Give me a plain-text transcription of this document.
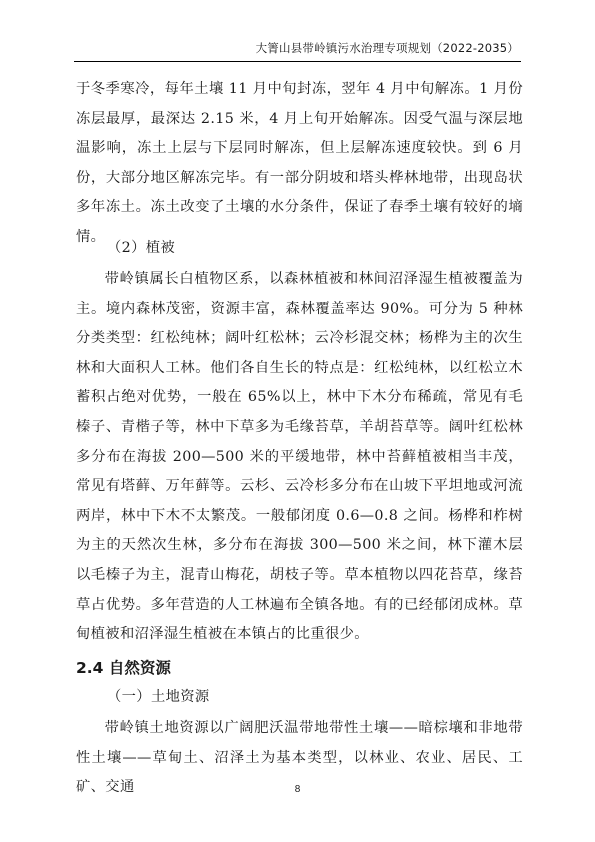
大箐山县带岭镇污水治理专项规划（2022-2035）

于冬季寒冷，每年土壤 11 月中旬封冻，翌年 4 月中旬解冻。1 月份冻层最厚，最深达 2.15 米，4 月上旬开始解冻。因受气温与深层地温影响，冻土上层与下层同时解冻，但上层解冻速度较快。到 6 月份，大部分地区解冻完毕。有一部分阴坡和塔头桦林地带，出现岛状多年冻土。冻土改变了土壤的水分条件，保证了春季土壤有较好的墒情。

（2）植被

带岭镇属长白植物区系，以森林植被和林间沼泽湿生植被覆盖为主。境内森林茂密，资源丰富，森林覆盖率达 90%。可分为 5 种林分类类型：红松纯林；阔叶红松林；云冷杉混交林；杨桦为主的次生林和大面积人工林。他们各自生长的特点是：红松纯林，以红松立木蓄积占绝对优势，一般在 65%以上，林中下木分布稀疏，常见有毛榛子、青楷子等，林中下草多为毛缘苔草，羊胡苔草等。阔叶红松林多分布在海拔 200—500 米的平缓地带，林中苔藓植被相当丰茂，常见有塔藓、万年藓等。云杉、云冷杉多分布在山坡下平坦地或河流两岸，林中下木不太繁茂。一般郁闭度 0.6—0.8 之间。杨桦和柞树为主的天然次生林，多分布在海拔 300—500 米之间，林下灌木层以毛榛子为主，混青山梅花，胡枝子等。草本植物以四花苔草，缘苔草占优势。多年营造的人工林遍布全镇各地。有的已经郁闭成林。草甸植被和沼泽湿生植被在本镇占的比重很少。

2.4 自然资源

（一）土地资源

带岭镇土地资源以广阔肥沃温带地带性土壤——暗棕壤和非地带性土壤——草甸土、沼泽土为基本类型，以林业、农业、居民、工矿、交通	8
